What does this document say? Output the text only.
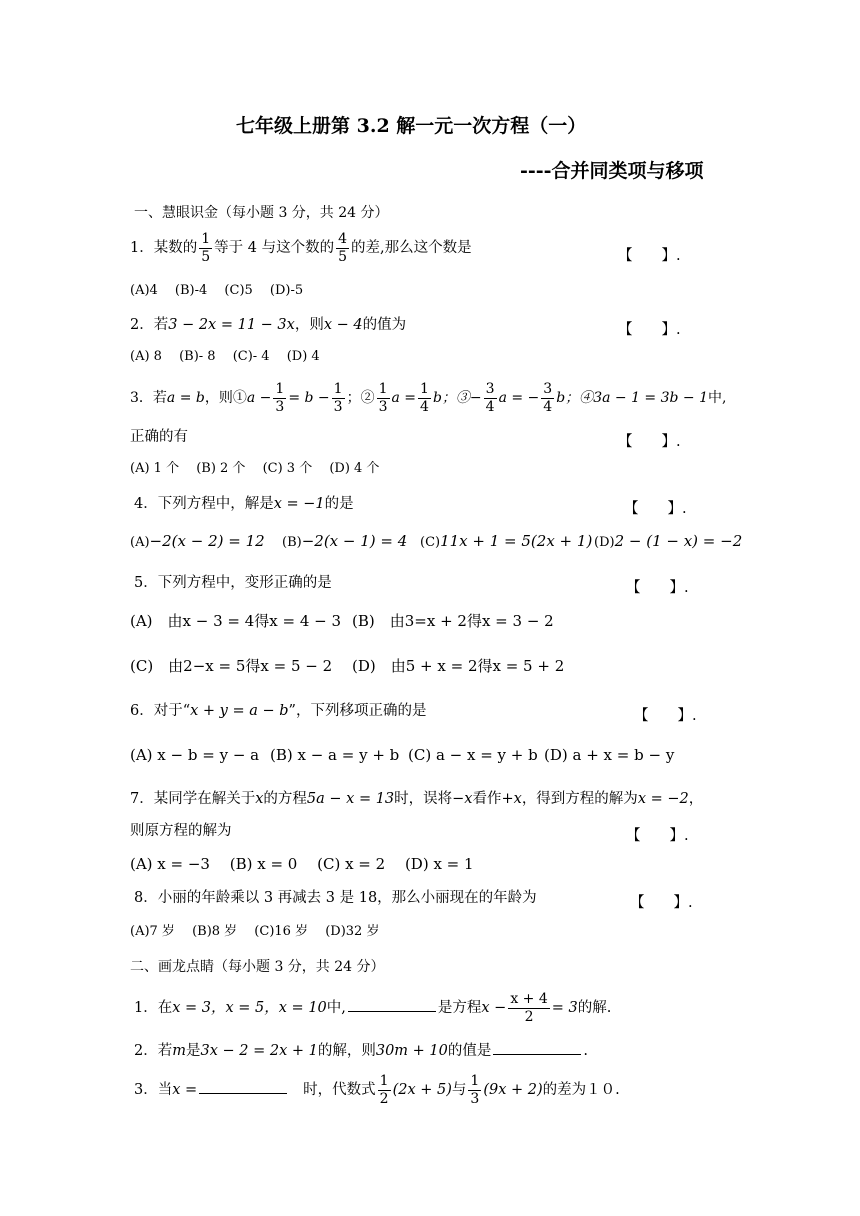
七年级上册第 3.2 解一元一次方程（一）
----合并同类项与移项
一、慧眼识金（每小题 3 分，共 24 分）
1．某数的 $\frac{1}{5}$ 等于 4 与这个数的 $\frac{4}{5}$ 的差,那么这个数是	【　　】.
(A)4　 (B)-4　 (C)5　 (D)-5
2．若3 − 2x = 11 − 3x，则x − 4的值为	【　　】.
(A) 8　 (B)- 8　 (C)- 4　 (D) 4
3．若a = b，则①a − $\frac{1}{3} = b - \frac{1}{3}$ ；② $\frac{1}{3}$ $a = \frac{1}{4}$ b；③− $\frac{3}{4}$ a = − $\frac{3}{4}$ b；④3a − 1 = 3b − 1中,
正确的有	【　　】.
(A) 1 个　 (B) 2 个　 (C) 3 个　 (D) 4 个
4．下列方程中，解是x = −1的是	【　　】.
(A)−2(x − 2) = 12 (B)−2(x − 1) = 4 (C)11x + 1 = 5(2x + 1) (D)2 − (1 − x) = −2
5．下列方程中，变形正确的是	【　　】.
(A)　由x − 3 = 4得x = 4 − 3 (B)　由3=x + 2得x = 3 − 2
(C)　由2−x = 5得x = 5 − 2 (D)　由5 + x = 2得x = 5 + 2
6．对于“x + y = a − b”，下列移项正确的是	【　　】.
(A) x − b = y − a (B) x − a = y + b (C) a − x = y + b (D) a + x = b − y
7．某同学在解关于x的方程5a − x = 13时，误将−x看作+x，得到方程的解为x = −2，
则原方程的解为	【　　】.
(A) x = −3　 (B) x = 0　 (C) x = 2　 (D) x = 1
8．小丽的年龄乘以 3 再减去 3 是 18，那么小丽现在的年龄为	【　　】.
(A)7 岁　 (B)8 岁　 (C)16 岁　 (D)32 岁
二、画龙点睛（每小题 3 分，共 24 分）
1．在x = 3，x = 5，x = 10中,	是方程$x - \frac{x + 4}{2} = 3$的解.
2．若m是3x − 2 = 2x + 1的解，则30m + 10的值是	.
3．当x =	时，代数式 $\frac{1}{2} (2x + 5)$与 $\frac{1}{3} (9x + 2)$的差为１０.
